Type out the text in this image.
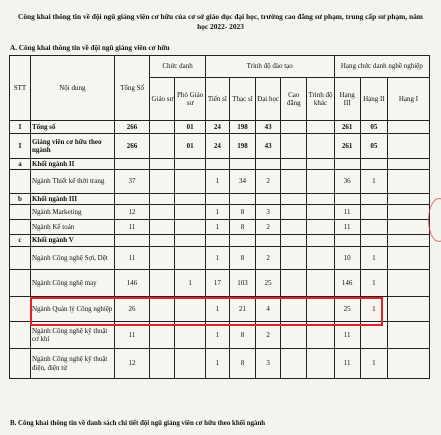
Công khai thông tin về đội ngũ giảng viên cơ hữu của cơ sở giáo dục đại học, trường cao đẳng sư phạm, trung cấp sư phạm, năm học 2022- 2023
A. Công khai thông tin về đội ngũ giảng viên cơ hữu
STT	Nội dung	Tổng Số	Chức danh		Trình độ đào tạo					Hạng chức danh nghề nghiệp		
			Giáo sư	Phó Giáo sư	Tiến sĩ	Thạc sĩ	Đại học	Cao đẳng	Trình độ khác	Hạng III	Hạng II	Hạng I
I	Tổng số	266		01	24	198	43			261	05	
I	Giảng viên cơ hữu theo ngành	266		01	24	198	43			261	05	
a	Khối ngành II											
	Ngành Thiết kế thời trang	37			1	34	2			36	1	
b	Khối ngành III											
	Ngành Marketing	12			1	8	3			11		
	Ngành Kế toán	11			1	8	2			11		
c	Khối ngành V											
	Ngành Công nghệ Sợi, Dệt	11			1	8	2			10	1	
	Ngành Công nghệ may	146		1	17	103	25			146	1	
	Ngành Quản lý Công nghiệp	26			1	21	4			25	1	
	Ngành Công nghệ kỹ thuật cơ khí	11			1	8	2			11		
	Ngành Công nghệ kỹ thuật điện, điện tử	12			1	8	3			11	1	
B. Công khai thông tin về danh sách chi tiết đội ngũ giảng viên cơ hữu theo khối ngành
